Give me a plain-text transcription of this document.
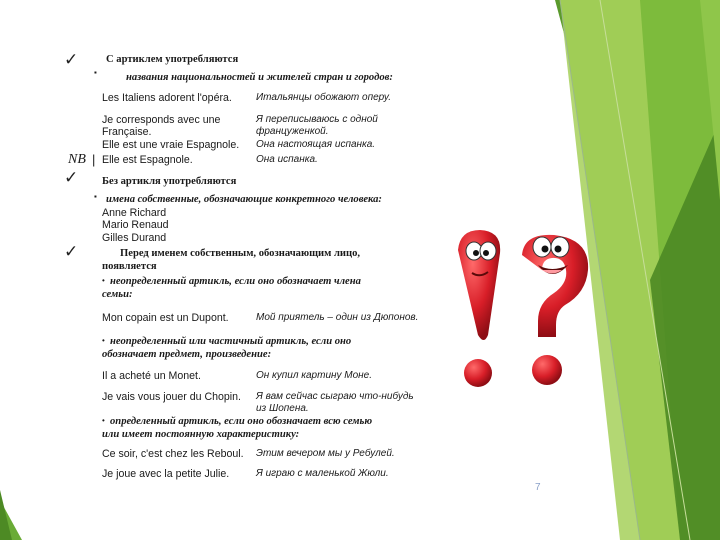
✓	С артиклем употребляются
▪	названия национальностей и жителей стран и городов:
Les Italiens adorent l'opéra. Итальянцы обожают оперу.
Je corresponds avec une	Я переписываюсь с одной
Française.	француженкой.
Elle est une vraie Espagnole. Она настоящая испанка.
NB | Elle est Espagnole.	Она испанка.
✓ Без артикля употребляются
▪ имена собственные, обозначающие конкретного человека:
Anne Richard
Mario Renaud
Gilles Durand
✓	Перед именем собственным, обозначающим лицо,
появляется
• неопределенный артикль, если оно обозначает члена
семьи:
Mon copain est un Dupont.	Мой приятель – один из Дюпонов.
• неопределенный или частичный артикль, если оно
обозначает предмет, произведение:
Il a acheté un Monet.	Он купил картину Моне.
Je vais vous jouer du Chopin. Я вам сейчас сыграю что-нибудь
из Шопена.
• определенный артикль, если оно обозначает всю семью
или имеет постоянную характеристику:
Ce soir, c'est chez les Reboul. Этим вечером мы у Ребулей.
Je joue avec la petite Julie.	Я играю с маленькой Жюли.
7
